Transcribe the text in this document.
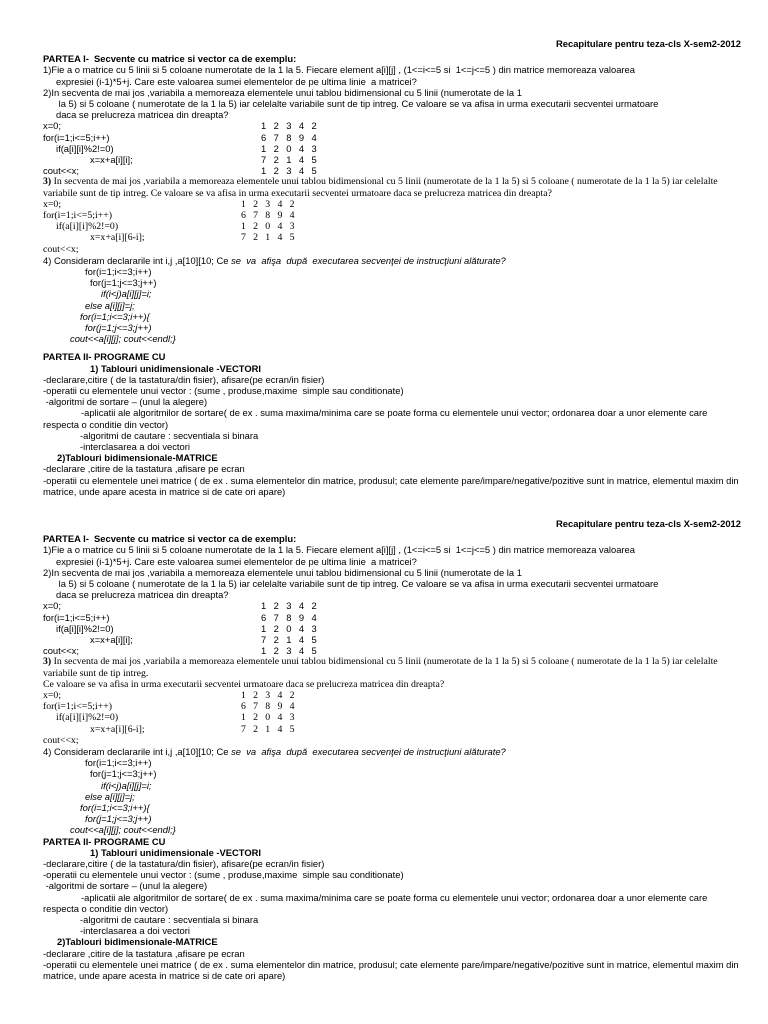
Recapitulare pentru teza-cls X-sem2-2012
PARTEA I-  Secvente cu matrice si vector ca de exemplu:
1)Fie a o matrice cu 5 linii si 5 coloane numerotate de la 1 la 5. Fiecare element a[i][j] , (1<=i<=5 si  1<=j<=5 ) din matrice memoreaza valoarea
expresiei (i-1)*5+j. Care este valoarea sumei elementelor de pe ultima linie  a matricei?
2)In secventa de mai jos ,variabila a memoreaza elementele unui tablou bidimensional cu 5 linii (numerotate de la 1
la 5) si 5 coloane ( numerotate de la 1 la 5) iar celelalte variabile sunt de tip intreg. Ce valoare se va afisa in urma executarii secventei urmatoare
daca se prelucreza matricea din dreapta?
x=0;	1 2 3 4 2
for(i=1;i<=5;i++)	6 7 8 9 4
if(a[i][i]%2!=0)	1 2 0 4 3
x=x+a[i][i];	7 2 1 4 5
cout<<x;	1 2 3 4 5
3) In secventa de mai jos ,variabila a memoreaza elementele unui tablou bidimensional cu 5 linii (numerotate de la 1 la 5) si 5 coloane ( numerotate de la 1 la 5) iar celelalte variabile sunt de tip intreg. Ce valoare se va afisa in urma executarii secventei urmatoare daca se prelucreza matricea din dreapta?
x=0;	1 2 3 4 2
for(i=1;i<=5;i++)	6 7 8 9 4
if(a[i][i]%2!=0)	1 2 0 4 3
x=x+a[i][6-i];	7 2 1 4 5
cout<<x;
4) Consideram declararile int i,j ,a[10][10; Ce se  va  afişa  după  executarea secvenţei de instrucţiuni alăturate?
for(i=1;i<=3;i++)
for(j=1;j<=3;j++)
if(i<j)a[i][j]=i;
else a[i][j]=j;
for(i=1;i<=3;i++){
for(j=1;j<=3;j++)
cout<<a[i][j]; cout<<endl;}
PARTEA II- PROGRAME CU
1) Tablouri unidimensionale -VECTORI
-declarare,citire ( de la tastatura/din fisier), afisare(pe ecran/in fisier)
-operatii cu elementele unui vector : (sume , produse,maxime  simple sau conditionate)
-algoritmi de sortare – (unul la alegere)
-aplicatii ale algoritmilor de sortare( de ex . suma maxima/minima care se poate forma cu elementele unui vector; ordonarea doar a unor elemente care respecta o conditie din vector)
-algoritmi de cautare : secventiala si binara
-interclasarea a doi vectori
2)Tablouri bidimensionale-MATRICE
-declarare ,citire de la tastatura ,afisare pe ecran
-operatii cu elementele unei matrice ( de ex . suma elementelor din matrice, produsul; cate elemente pare/impare/negative/pozitive sunt in matrice, elementul maxim din matrice, unde apare acesta in matrice si de cate ori apare)
Recapitulare pentru teza-cls X-sem2-2012
PARTEA I-  Secvente cu matrice si vector ca de exemplu:
1)Fie a o matrice cu 5 linii si 5 coloane numerotate de la 1 la 5. Fiecare element a[i][j] , (1<=i<=5 si  1<=j<=5 ) din matrice memoreaza valoarea
expresiei (i-1)*5+j. Care este valoarea sumei elementelor de pe ultima linie  a matricei?
2)In secventa de mai jos ,variabila a memoreaza elementele unui tablou bidimensional cu 5 linii (numerotate de la 1
la 5) si 5 coloane ( numerotate de la 1 la 5) iar celelalte variabile sunt de tip intreg. Ce valoare se va afisa in urma executarii secventei urmatoare
daca se prelucreza matricea din dreapta?
x=0;	1 2 3 4 2
for(i=1;i<=5;i++)	6 7 8 9 4
if(a[i][i]%2!=0)	1 2 0 4 3
x=x+a[i][i];	7 2 1 4 5
cout<<x;	1 2 3 4 5
3) In secventa de mai jos ,variabila a memoreaza elementele unui tablou bidimensional cu 5 linii (numerotate de la 1 la 5) si 5 coloane ( numerotate de la 1 la 5) iar celelalte variabile sunt de tip intreg.
Ce valoare se va afisa in urma executarii secventei urmatoare daca se prelucreza matricea din dreapta?
x=0;	1 2 3 4 2
for(i=1;i<=5;i++)	6 7 8 9 4
if(a[i][i]%2!=0)	1 2 0 4 3
x=x+a[i][6-i];	7 2 1 4 5
cout<<x;
4) Consideram declararile int i,j ,a[10][10; Ce se  va  afişa  după  executarea secvenţei de instrucţiuni alăturate?
for(i=1;i<=3;i++)
for(j=1;j<=3;j++)
if(i<j)a[i][j]=i;
else a[i][j]=j;
for(i=1;i<=3;i++){
for(j=1;j<=3;j++)
cout<<a[i][j]; cout<<endl;}
PARTEA II- PROGRAME CU
1) Tablouri unidimensionale -VECTORI
-declarare,citire ( de la tastatura/din fisier), afisare(pe ecran/in fisier)
-operatii cu elementele unui vector : (sume , produse,maxime  simple sau conditionate)
-algoritmi de sortare – (unul la alegere)
-aplicatii ale algoritmilor de sortare( de ex . suma maxima/minima care se poate forma cu elementele unui vector; ordonarea doar a unor elemente care respecta o conditie din vector)
-algoritmi de cautare : secventiala si binara
-interclasarea a doi vectori
2)Tablouri bidimensionale-MATRICE
-declarare ,citire de la tastatura ,afisare pe ecran
-operatii cu elementele unei matrice ( de ex . suma elementelor din matrice, produsul; cate elemente pare/impare/negative/pozitive sunt in matrice, elementul maxim din matrice, unde apare acesta in matrice si de cate ori apare)
